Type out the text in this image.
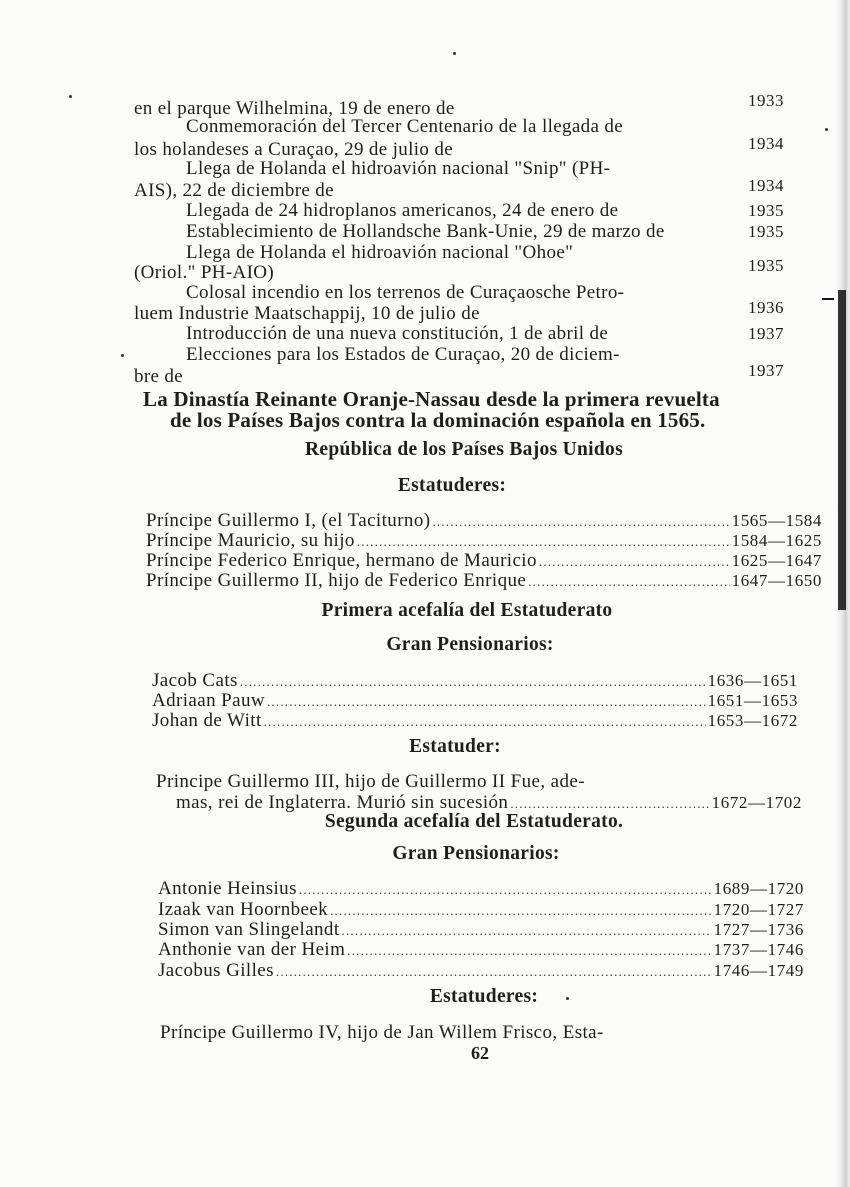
en el parque Wilhelmina, 19 de enero de	1933
Conmemoración del Tercer Centenario de la llegada de
los holandeses a Curaçao, 29 de julio de	1934
Llega de Holanda el hidroavión nacional "Snip" (PH-
AIS), 22 de diciembre de	1934
Llegada de 24 hidroplanos americanos, 24 de enero de	1935
Establecimiento de Hollandsche Bank-Unie, 29 de marzo de	1935
Llega de Holanda el hidroavión nacional "Ohoe"
(Oriol." PH-AIO)	1935
Colosal incendio en los terrenos de Curaçaosche Petro-
luem Industrie Maatschappij, 10 de julio de	1936
Introducción de una nueva constitución, 1 de abril de	1937
Elecciones para los Estados de Curaçao, 20 de diciem-
bre de	1937
La Dinastía Reinante Oranje-Nassau desde la primera revuelta
de los Países Bajos contra la dominación española en 1565.
República de los Países Bajos Unidos
Estatuderes:
Príncipe Guillermo I, (el Taciturno) .....	1565—1584
Príncipe Mauricio, su hijo .....	1584—1625
Príncipe Federico Enrique, hermano de Mauricio .....	1625—1647
Príncipe Guillermo II, hijo de Federico Enrique .....	1647—1650
Primera acefalía del Estatuderato
Gran Pensionarios:
Jacob Cats .....	1636—1651
Adriaan Pauw .....	1651—1653
Johan de Witt .....	1653—1672
Estatuder:
Principe Guillermo III, hijo de Guillermo II Fue, ade-
mas, rei de Inglaterra. Murió sin sucesión .....	1672—1702
Segunda acefalía del Estatuderato.
Gran Pensionarios:
Antonie Heinsius .....	1689—1720
Izaak van Hoornbeek .....	1720—1727
Simon van Slingelandt .....	1727—1736
Anthonie van der Heim .....	1737—1746
Jacobus Gilles .....	1746—1749
Estatuderes:
Príncipe Guillermo IV, hijo de Jan Willem Frisco, Esta-
62
